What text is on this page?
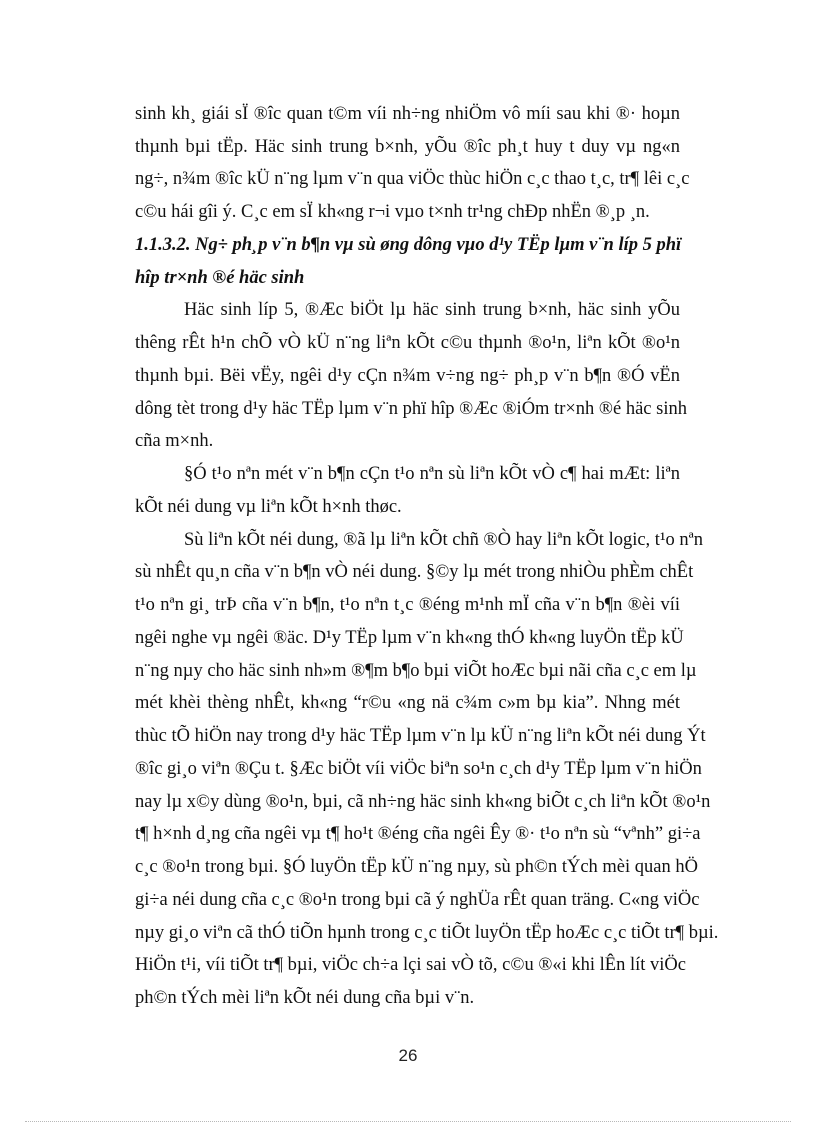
sinh kh¸ giái sÏ ®îc quan t©m víi nh÷ng nhiÖm vô míi sau khi ®· hoµn
thµnh bµi tËp. Häc sinh trung b×nh, yÕu ®îc ph¸t huy t duy vµ ng«n
ng÷, n¾m ®îc kÜ n¨ng lµm v¨n qua viÖc thùc hiÖn c¸c thao t¸c, tr¶ lêi c¸c
c©u hái gîi ý. C¸c em sÏ kh«ng r¬i vµo t×nh tr¹ng chÐp nhËn ®¸p ¸n.
1.1.3.2. Ng÷ ph¸p v¨n b¶n vµ sù øng dông vµo d¹y TËp lµm v¨n líp 5 phï
hîp tr×nh ®é häc sinh
Häc sinh líp 5, ®Æc biÖt lµ häc sinh trung b×nh, häc sinh yÕu
thêng rÊt h¹n chÕ vÒ kÜ n¨ng liªn kÕt c©u thµnh ®o¹n, liªn kÕt ®o¹n
thµnh bµi. Bëi vËy, ngêi d¹y cÇn n¾m v÷ng ng÷ ph¸p v¨n b¶n ®Ó vËn
dông tèt trong d¹y häc TËp lµm v¨n phï hîp ®Æc ®iÓm tr×nh ®é häc sinh
cña m×nh.
§Ó t¹o nªn mét v¨n b¶n cÇn t¹o nªn sù liªn kÕt vÒ c¶ hai mÆt: liªn
kÕt néi dung vµ liªn kÕt h×nh thøc.
Sù liªn kÕt néi dung, ®ã lµ liªn kÕt chñ ®Ò hay liªn kÕt logic, t¹o nªn
sù nhÊt qu¸n cña v¨n b¶n vÒ néi dung. §©y lµ mét trong nhiÒu phÈm chÊt
t¹o nªn gi¸ trÞ cña v¨n b¶n, t¹o nªn t¸c ®éng m¹nh mÏ cña v¨n b¶n ®èi víi
ngêi nghe vµ ngêi ®äc. D¹y TËp lµm v¨n kh«ng thÓ kh«ng luyÖn tËp kÜ
n¨ng nµy cho häc sinh nh»m ®¶m b¶o bµi viÕt hoÆc bµi nãi cña c¸c em lµ
mét khèi thèng nhÊt, kh«ng “r©u «ng nä c¾m c»m bµ kia”. Nhng mét
thùc tÕ hiÖn nay trong d¹y häc TËp lµm v¨n lµ kÜ n¨ng liªn kÕt néi dung Ýt
®îc gi¸o viªn ®Çu t. §Æc biÖt víi viÖc biªn so¹n c¸ch d¹y TËp lµm v¨n hiÖn
nay lµ x©y dùng ®o¹n, bµi, cã nh÷ng häc sinh kh«ng biÕt c¸ch liªn kÕt ®o¹n
t¶ h×nh d¸ng cña ngêi vµ t¶ ho¹t ®éng cña ngêi Êy ®· t¹o nªn sù “vªnh” gi÷a
c¸c ®o¹n trong bµi. §Ó luyÖn tËp kÜ n¨ng nµy, sù ph©n tÝch mèi quan hÖ
gi÷a néi dung cña c¸c ®o¹n trong bµi cã ý nghÜa rÊt quan träng. C«ng viÖc
nµy gi¸o viªn cã thÓ tiÕn hµnh trong c¸c tiÕt luyÖn tËp hoÆc c¸c tiÕt tr¶ bµi.
HiÖn t¹i, víi tiÕt tr¶ bµi, viÖc ch÷a lçi sai vÒ tõ, c©u ®«i khi lÊn lít viÖc
ph©n tÝch mèi liªn kÕt néi dung cña bµi v¨n.
26
